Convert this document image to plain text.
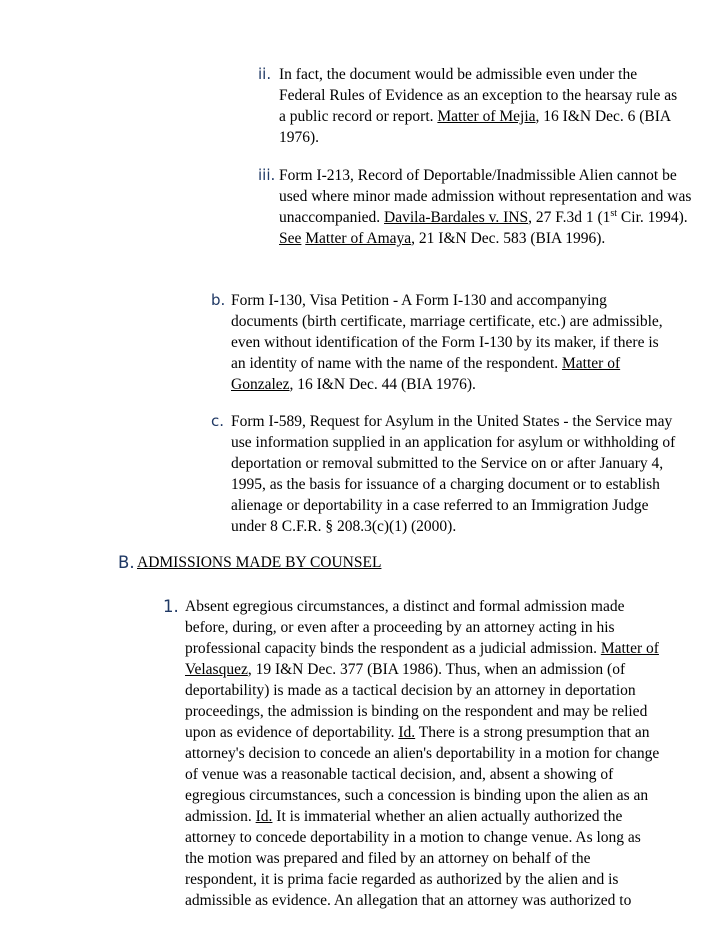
ii. In fact, the document would be admissible even under the Federal Rules of Evidence as an exception to the hearsay rule as a public record or report. Matter of Mejia, 16 I&N Dec. 6 (BIA 1976).
iii. Form I-213, Record of Deportable/Inadmissible Alien cannot be used where minor made admission without representation and was unaccompanied. Davila-Bardales v. INS, 27 F.3d 1 (1st Cir. 1994). See Matter of Amaya, 21 I&N Dec. 583 (BIA 1996).
b. Form I-130, Visa Petition - A Form I-130 and accompanying documents (birth certificate, marriage certificate, etc.) are admissible, even without identification of the Form I-130 by its maker, if there is an identity of name with the name of the respondent. Matter of Gonzalez, 16 I&N Dec. 44 (BIA 1976).
c. Form I-589, Request for Asylum in the United States - the Service may use information supplied in an application for asylum or withholding of deportation or removal submitted to the Service on or after January 4, 1995, as the basis for issuance of a charging document or to establish alienage or deportability in a case referred to an Immigration Judge under 8 C.F.R. § 208.3(c)(1) (2000).
B. ADMISSIONS MADE BY COUNSEL
1. Absent egregious circumstances, a distinct and formal admission made before, during, or even after a proceeding by an attorney acting in his professional capacity binds the respondent as a judicial admission. Matter of Velasquez, 19 I&N Dec. 377 (BIA 1986). Thus, when an admission (of deportability) is made as a tactical decision by an attorney in deportation proceedings, the admission is binding on the respondent and may be relied upon as evidence of deportability. Id. There is a strong presumption that an attorney's decision to concede an alien's deportability in a motion for change of venue was a reasonable tactical decision, and, absent a showing of egregious circumstances, such a concession is binding upon the alien as an admission. Id. It is immaterial whether an alien actually authorized the attorney to concede deportability in a motion to change venue. As long as the motion was prepared and filed by an attorney on behalf of the respondent, it is prima facie regarded as authorized by the alien and is admissible as evidence. An allegation that an attorney was authorized to
